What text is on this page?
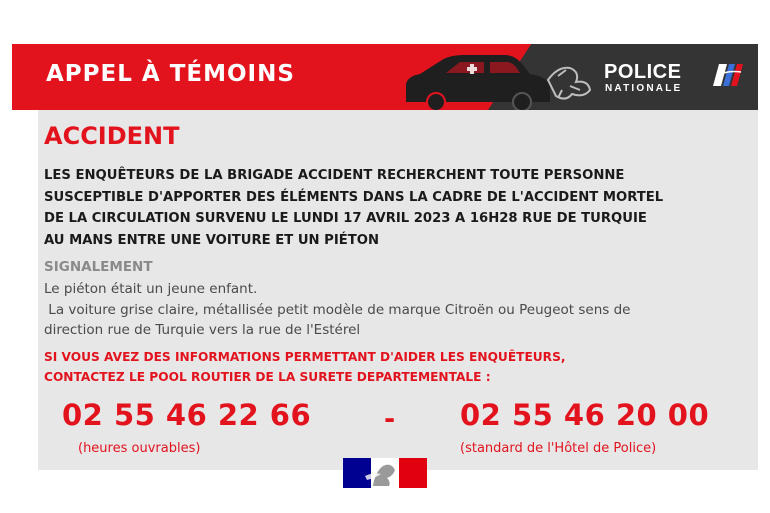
APPEL À TÉMOINS	POLICE
NATIONALE
ACCIDENT
LES ENQUÊTEURS DE LA BRIGADE ACCIDENT RECHERCHENT TOUTE PERSONNE
SUSCEPTIBLE D'APPORTER DES ÉLÉMENTS DANS LA CADRE DE L'ACCIDENT MORTEL
DE LA CIRCULATION SURVENU LE LUNDI 17 AVRIL 2023 A 16H28 RUE DE TURQUIE
AU MANS ENTRE UNE VOITURE ET UN PIÉTON
SIGNALEMENT
Le piéton était un jeune enfant.
La voiture grise claire, métallisée petit modèle de marque Citroën ou Peugeot sens de
direction rue de Turquie vers la rue de l'Estérel
SI VOUS AVEZ DES INFORMATIONS PERMETTANT D'AIDER LES ENQUÊTEURS,
CONTACTEZ LE POOL ROUTIER DE LA SURETE DEPARTEMENTALE :
02 55 46 22 66
(heures ouvrables)
- 02 55 46 20 00
(standard de l'Hôtel de Police)
